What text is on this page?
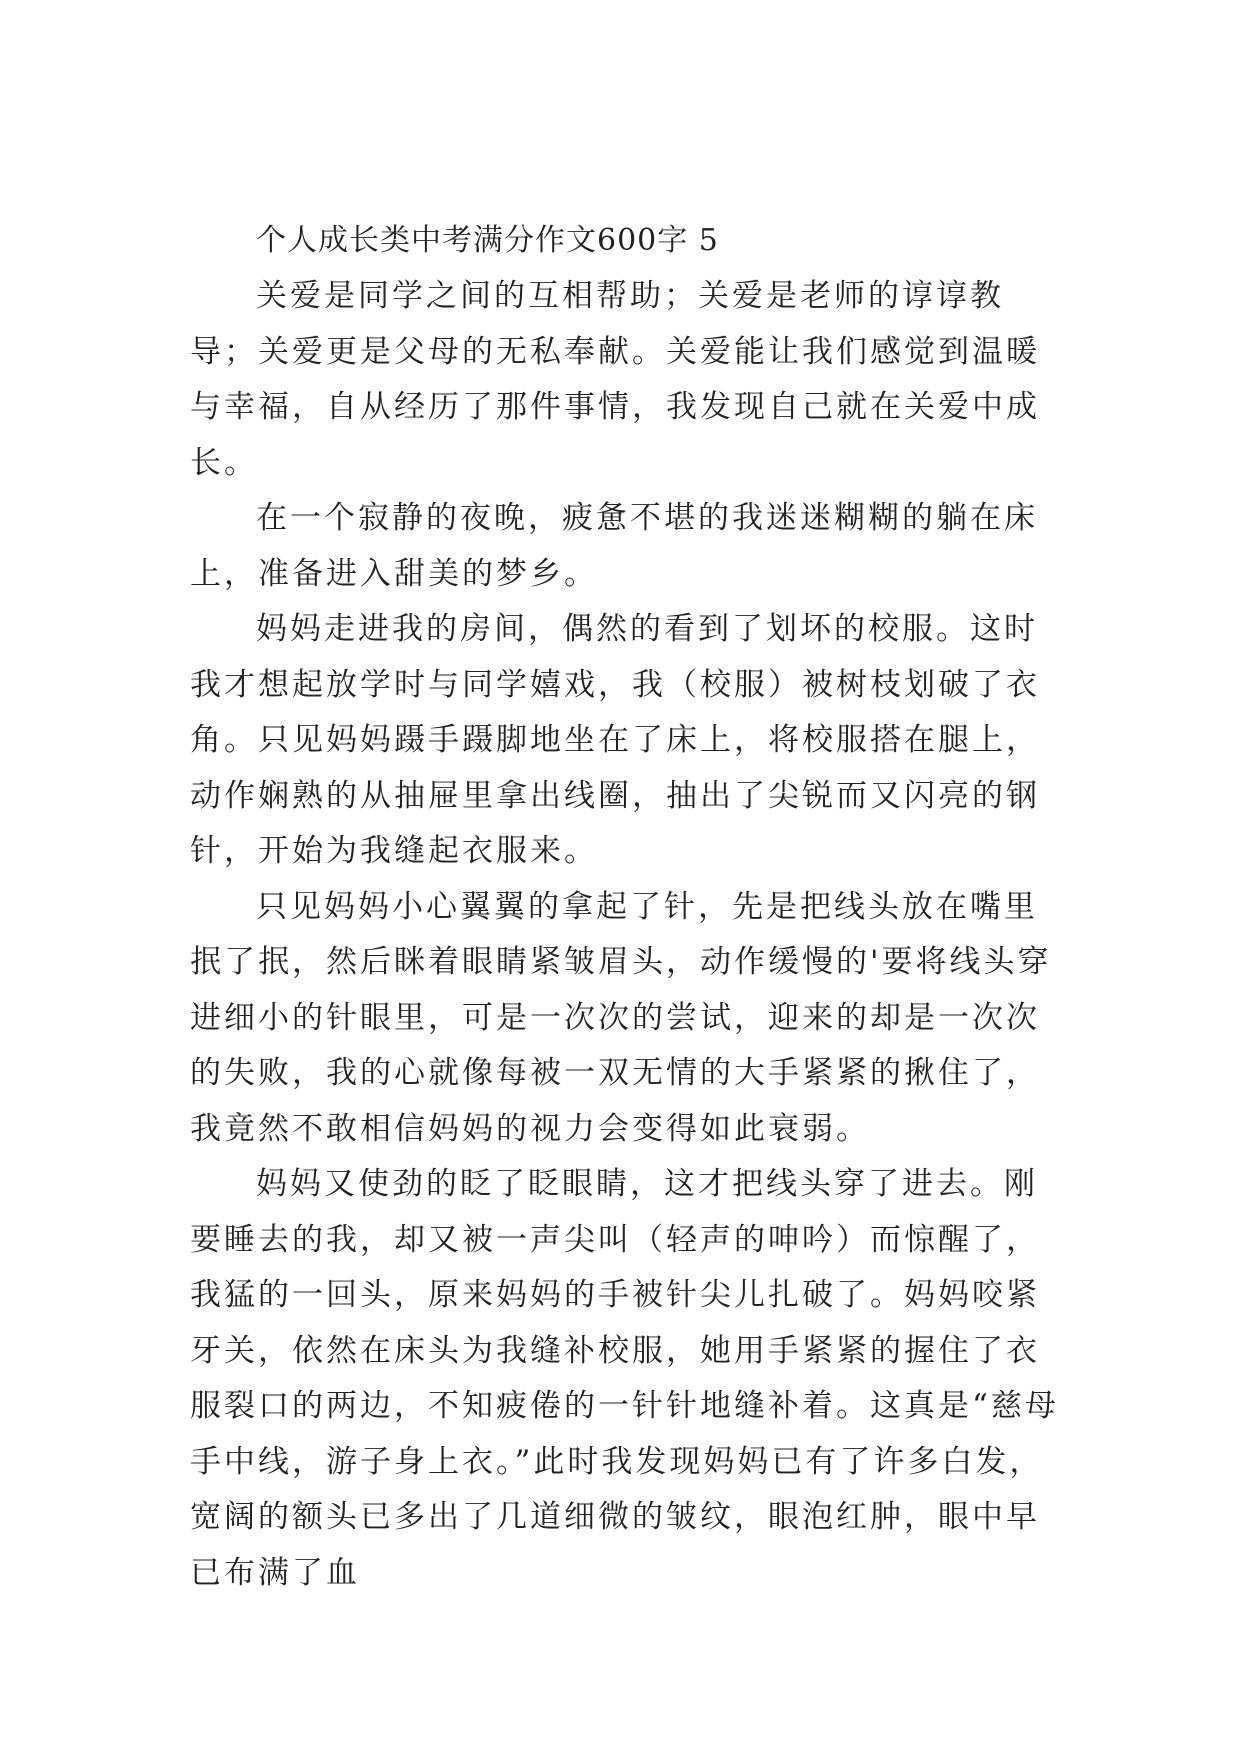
个人成长类中考满分作文600字 5

关爱是同学之间的互相帮助；关爱是老师的谆谆教导；关爱更是父母的无私奉献。关爱能让我们感觉到温暖与幸福，自从经历了那件事情，我发现自己就在关爱中成长。

在一个寂静的夜晚，疲惫不堪的我迷迷糊糊的躺在床上，准备进入甜美的梦乡。

妈妈走进我的房间，偶然的看到了划坏的校服。这时我才想起放学时与同学嬉戏，我（校服）被树枝划破了衣角。只见妈妈蹑手蹑脚地坐在了床上，将校服搭在腿上，动作娴熟的从抽屉里拿出线圈，抽出了尖锐而又闪亮的钢针，开始为我缝起衣服来。

只见妈妈小心翼翼的拿起了针，先是把线头放在嘴里抿了抿，然后眯着眼睛紧皱眉头，动作缓慢的'要将线头穿进细小的针眼里，可是一次次的尝试，迎来的却是一次次的失败，我的心就像每被一双无情的大手紧紧的揪住了，我竟然不敢相信妈妈的视力会变得如此衰弱。

妈妈又使劲的眨了眨眼睛，这才把线头穿了进去。刚要睡去的我，却又被一声尖叫（轻声的呻吟）而惊醒了，我猛的一回头，原来妈妈的手被针尖儿扎破了。妈妈咬紧牙关，依然在床头为我缝补校服，她用手紧紧的握住了衣服裂口的两边，不知疲倦的一针针地缝补着。这真是“慈母手中线，游子身上衣。”此时我发现妈妈已有了许多白发，宽阔的额头已多出了几道细微的皱纹，眼泡红肿，眼中早已布满了血
